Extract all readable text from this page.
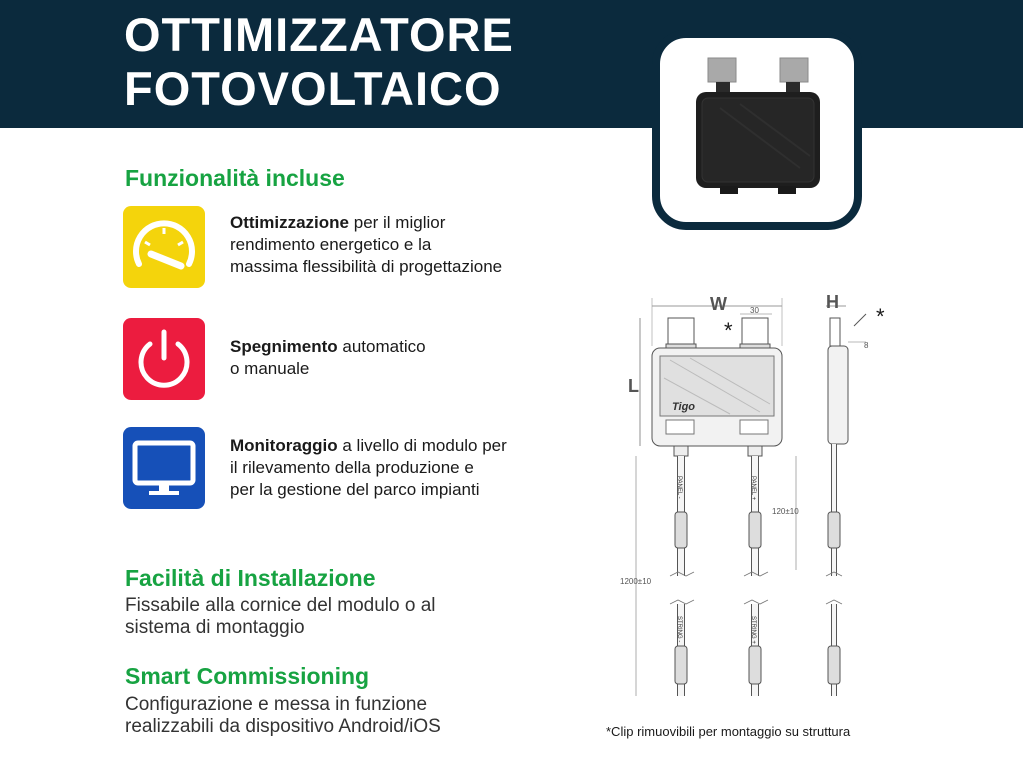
OTTIMIZZATORE
FOTOVOLTAICO
Funzionalità incluse
Ottimizzazione per il miglior
rendimento energetico e la
massima flessibilità di progettazione
Spegnimento automatico
o manuale
Monitoraggio a livello di modulo per
il rilevamento della produzione e
per la gestione del parco impianti
Facilità di Installazione
Fissabile alla cornice del modulo o al
sistema di montaggio
Smart Commissioning
Configurazione e messa in funzione
realizzabili da dispositivo Android/iOS
W	30
*
L
Tigo
PANEL -	PANEL +
120±10
1200±10
STRING -	STRING +
H
*
8
*Clip rimuovibili per montaggio su struttura
